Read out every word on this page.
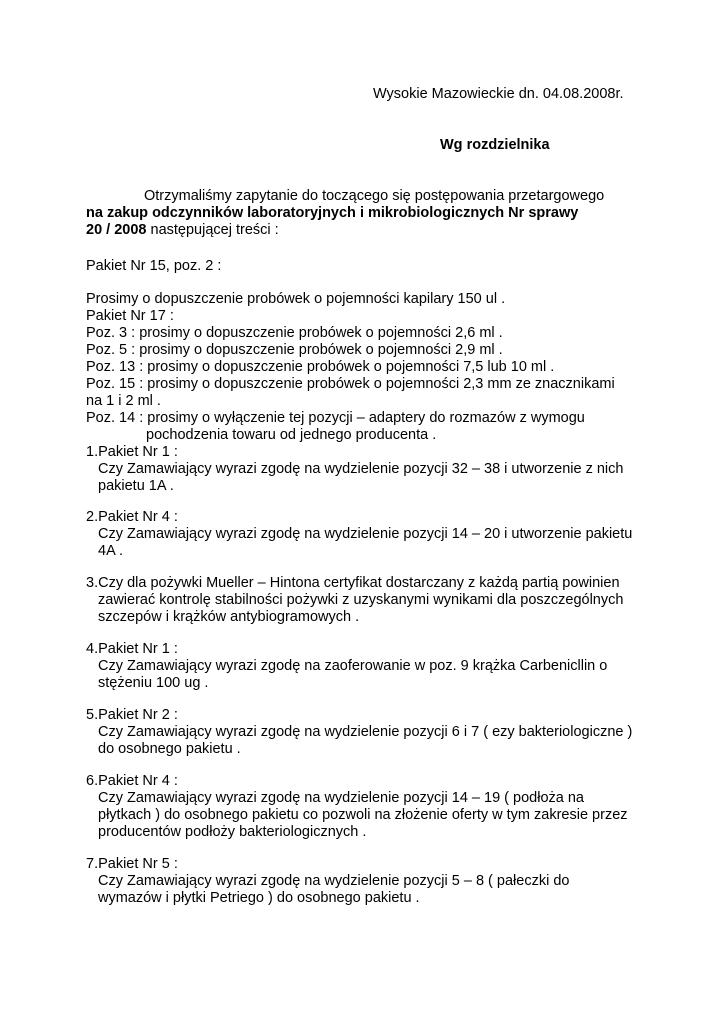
Wysokie Mazowieckie dn. 04.08.2008r.
Wg rozdzielnika
Otrzymaliśmy zapytanie do toczącego się postępowania przetargowego
na zakup odczynników laboratoryjnych i mikrobiologicznych Nr sprawy
20 / 2008 następującej treści :
Pakiet Nr 15, poz. 2 :
Prosimy o dopuszczenie probówek o pojemności kapilary 150 ul .
Pakiet Nr 17 :
Poz. 3 : prosimy o dopuszczenie probówek o pojemności 2,6 ml .
Poz. 5 : prosimy o dopuszczenie probówek o pojemności 2,9 ml .
Poz. 13 : prosimy o dopuszczenie probówek o pojemności 7,5 lub 10 ml .
Poz. 15 : prosimy o dopuszczenie probówek o pojemności 2,3 mm ze znacznikami
na 1 i 2 ml .
Poz. 14 : prosimy o wyłączenie tej pozycji – adaptery do rozmazów z wymogu
pochodzenia towaru od jednego producenta .
1.Pakiet Nr 1 :
Czy Zamawiający wyrazi zgodę na wydzielenie pozycji 32 – 38 i utworzenie z nich
pakietu 1A .
2.Pakiet Nr 4 :
Czy Zamawiający wyrazi zgodę na wydzielenie pozycji 14 – 20 i utworzenie pakietu
4A .
3.Czy dla pożywki Mueller – Hintona certyfikat dostarczany z każdą partią powinien
zawierać kontrolę stabilności pożywki z uzyskanymi wynikami dla poszczególnych
szczepów i krążków antybiogramowych .
4.Pakiet Nr 1 :
Czy Zamawiający wyrazi zgodę na zaoferowanie w poz. 9 krążka Carbenicllin o
stężeniu 100 ug .
5.Pakiet Nr 2 :
Czy Zamawiający wyrazi zgodę na wydzielenie pozycji 6 i 7 ( ezy bakteriologiczne )
do osobnego pakietu .
6.Pakiet Nr 4 :
Czy Zamawiający wyrazi zgodę na wydzielenie pozycji 14 – 19 ( podłoża na
płytkach ) do osobnego pakietu co pozwoli na złożenie oferty w tym zakresie przez
producentów podłoży bakteriologicznych .
7.Pakiet Nr 5 :
Czy Zamawiający wyrazi zgodę na wydzielenie pozycji 5 – 8 ( pałeczki do
wymazów i płytki Petriego ) do osobnego pakietu .
